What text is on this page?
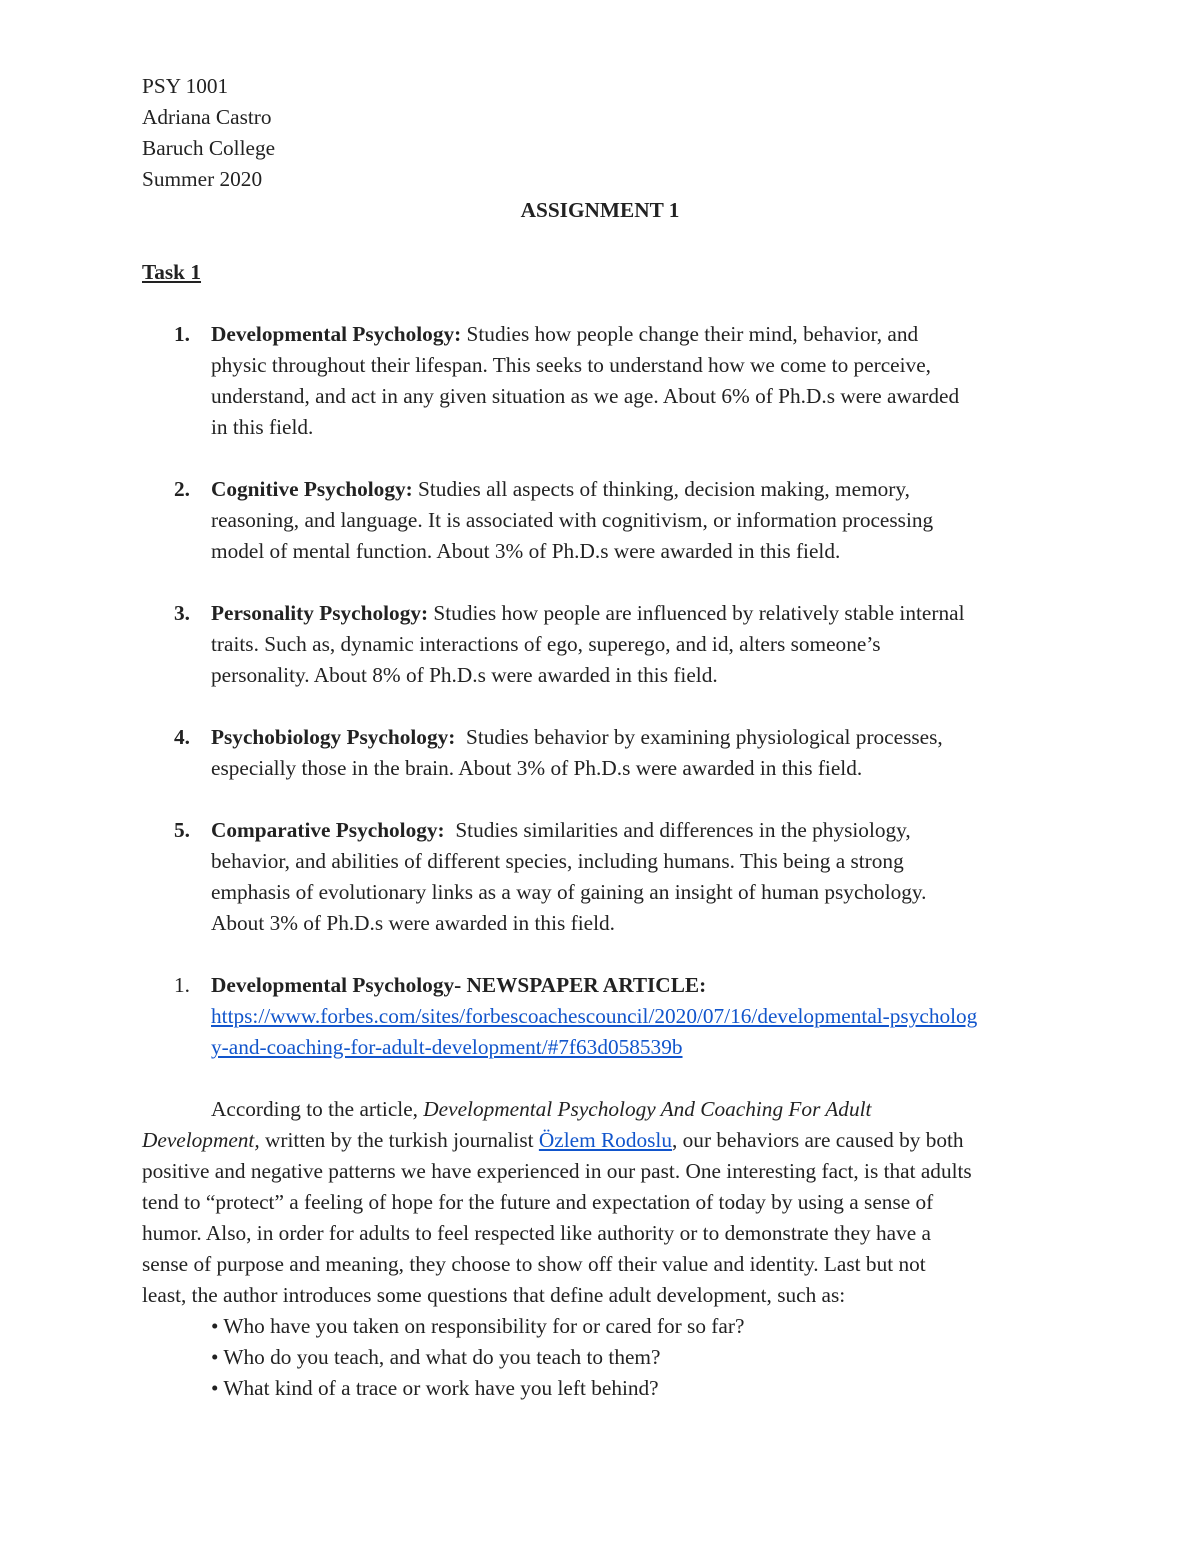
PSY 1001
Adriana Castro
Baruch College
Summer 2020
ASSIGNMENT 1
Task 1
1. Developmental Psychology: Studies how people change their mind, behavior, and
physic throughout their lifespan. This seeks to understand how we come to perceive,
understand, and act in any given situation as we age. About 6% of Ph.D.s were awarded
in this field.
2. Cognitive Psychology: Studies all aspects of thinking, decision making, memory,
reasoning, and language. It is associated with cognitivism, or information processing
model of mental function. About 3% of Ph.D.s were awarded in this field.
3. Personality Psychology: Studies how people are influenced by relatively stable internal
traits. Such as, dynamic interactions of ego, superego, and id, alters someone’s
personality. About 8% of Ph.D.s were awarded in this field.
4. Psychobiology Psychology: Studies behavior by examining physiological processes,
especially those in the brain. About 3% of Ph.D.s were awarded in this field.
5. Comparative Psychology: Studies similarities and differences in the physiology,
behavior, and abilities of different species, including humans. This being a strong
emphasis of evolutionary links as a way of gaining an insight of human psychology.
About 3% of Ph.D.s were awarded in this field.
1. Developmental Psychology- NEWSPAPER ARTICLE:
https://www.forbes.com/sites/forbescoachescouncil/2020/07/16/developmental-psycholog
y-and-coaching-for-adult-development/#7f63d058539b
According to the article, Developmental Psychology And Coaching For Adult
Development, written by the turkish journalist Özlem Rodoslu, our behaviors are caused by both
positive and negative patterns we have experienced in our past. One interesting fact, is that adults
tend to “protect” a feeling of hope for the future and expectation of today by using a sense of
humor. Also, in order for adults to feel respected like authority or to demonstrate they have a
sense of purpose and meaning, they choose to show off their value and identity. Last but not
least, the author introduces some questions that define adult development, such as:
• Who have you taken on responsibility for or cared for so far?
• Who do you teach, and what do you teach to them?
• What kind of a trace or work have you left behind?
